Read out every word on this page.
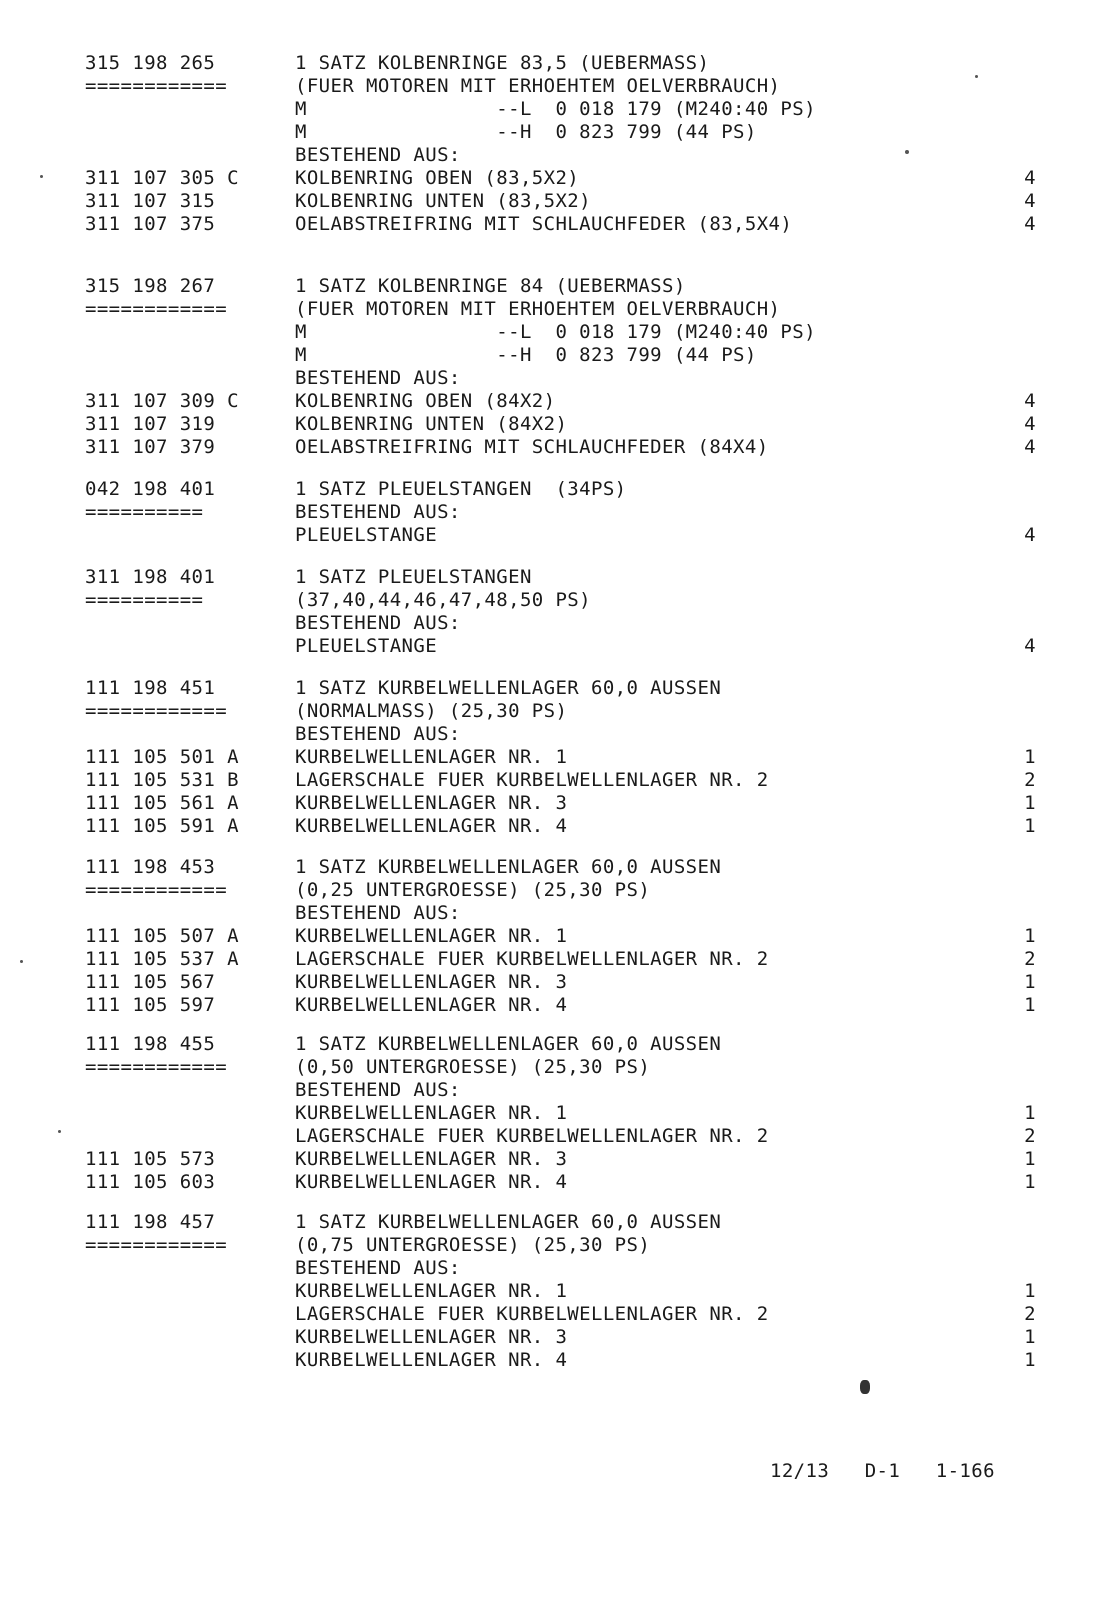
315 198 265	1 SATZ KOLBENRINGE 83,5 (UEBERMASS)
============	(FUER MOTOREN MIT ERHOEHTEM OELVERBRAUCH)
M                --L  0 018 179 (M240:40 PS)
M                --H  0 823 799 (44 PS)
BESTEHEND AUS:
311 107 305 C	KOLBENRING OBEN (83,5X2)	4
311 107 315	KOLBENRING UNTEN (83,5X2)	4
311 107 375	OELABSTREIFRING MIT SCHLAUCHFEDER (83,5X4)	4
315 198 267	1 SATZ KOLBENRINGE 84 (UEBERMASS)
============	(FUER MOTOREN MIT ERHOEHTEM OELVERBRAUCH)
M                --L  0 018 179 (M240:40 PS)
M                --H  0 823 799 (44 PS)
BESTEHEND AUS:
311 107 309 C	KOLBENRING OBEN (84X2)	4
311 107 319	KOLBENRING UNTEN (84X2)	4
311 107 379	OELABSTREIFRING MIT SCHLAUCHFEDER (84X4)	4
042 198 401	1 SATZ PLEUELSTANGEN  (34PS)
==========	BESTEHEND AUS:
PLEUELSTANGE	4
311 198 401	1 SATZ PLEUELSTANGEN
==========	(37,40,44,46,47,48,50 PS)
BESTEHEND AUS:
PLEUELSTANGE	4
111 198 451	1 SATZ KURBELWELLENLAGER 60,0 AUSSEN
============	(NORMALMASS) (25,30 PS)
BESTEHEND AUS:
111 105 501 A	KURBELWELLENLAGER NR. 1	1
111 105 531 B	LAGERSCHALE FUER KURBELWELLENLAGER NR. 2	2
111 105 561 A	KURBELWELLENLAGER NR. 3	1
111 105 591 A	KURBELWELLENLAGER NR. 4	1
111 198 453	1 SATZ KURBELWELLENLAGER 60,0 AUSSEN
============	(0,25 UNTERGROESSE) (25,30 PS)
BESTEHEND AUS:
111 105 507 A	KURBELWELLENLAGER NR. 1	1
111 105 537 A	LAGERSCHALE FUER KURBELWELLENLAGER NR. 2	2
111 105 567	KURBELWELLENLAGER NR. 3	1
111 105 597	KURBELWELLENLAGER NR. 4	1
111 198 455	1 SATZ KURBELWELLENLAGER 60,0 AUSSEN
============	(0,50 UNTERGROESSE) (25,30 PS)
BESTEHEND AUS:
KURBELWELLENLAGER NR. 1	1
LAGERSCHALE FUER KURBELWELLENLAGER NR. 2	2
111 105 573	KURBELWELLENLAGER NR. 3	1
111 105 603	KURBELWELLENLAGER NR. 4	1
111 198 457	1 SATZ KURBELWELLENLAGER 60,0 AUSSEN
============	(0,75 UNTERGROESSE) (25,30 PS)
BESTEHEND AUS:
KURBELWELLENLAGER NR. 1	1
LAGERSCHALE FUER KURBELWELLENLAGER NR. 2	2
KURBELWELLENLAGER NR. 3	1
KURBELWELLENLAGER NR. 4	1
12/13   D-1   1-166
